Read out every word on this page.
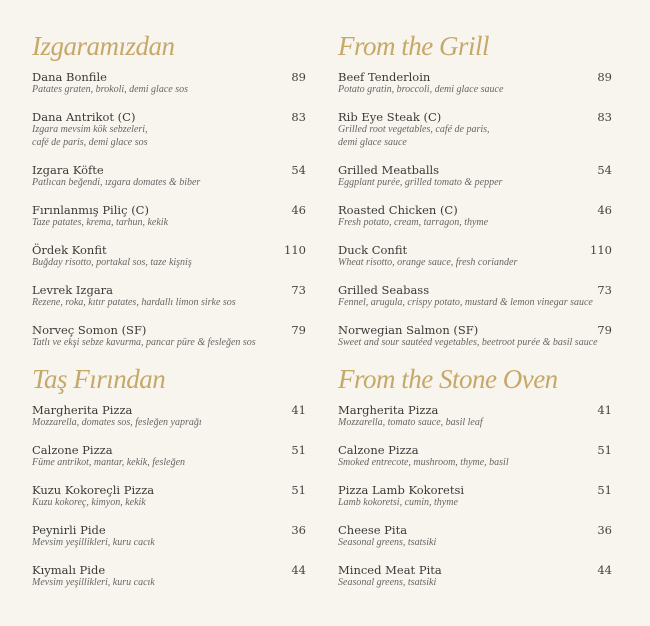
Izgaramızdan
Dana Bonfile	89
Patates graten, brokoli, demi glace sos
Dana Antrikot (C)	83
Izgara mevsim kök sebzeleri,
café de paris, demi glace sos
Izgara Köfte	54
Patlıcan beğendi, ızgara domates & biber
Fırınlanmış Piliç (C)	46
Taze patates, krema, tarhun, kekik
Ördek Konfit	110
Buğday risotto, portakal sos, taze kişniş
Levrek Izgara	73
Rezene, roka, kıtır patates, hardallı limon sirke sos
Norveç Somon (SF)	79
Tatlı ve ekşi sebze kavurma, pancar püre & fesleğen sos
Taş Fırından
Margherita Pizza	41
Mozzarella, domates sos, fesleğen yaprağı
Calzone Pizza	51
Füme antrikot, mantar, kekik, fesleğen
Kuzu Kokoreçli Pizza	51
Kuzu kokoreç, kimyon, kekik
Peynirli Pide	36
Mevsim yeşillikleri, kuru cacık
Kıymalı Pide	44
Mevsim yeşillikleri, kuru cacık
From the Grill
Beef Tenderloin	89
Potato gratin, broccoli, demi glace sauce
Rib Eye Steak (C)	83
Grilled root vegetables, café de paris,
demi glace sauce
Grilled Meatballs	54
Eggplant purée, grilled tomato & pepper
Roasted Chicken (C)	46
Fresh potato, cream, tarragon, thyme
Duck Confit	110
Wheat risotto, orange sauce, fresh coriander
Grilled Seabass	73
Fennel, arugula, crispy potato, mustard & lemon vinegar sauce
Norwegian Salmon (SF)	79
Sweet and sour sautéed vegetables, beetroot purée & basil sauce
From the Stone Oven
Margherita Pizza	41
Mozzarella, tomato sauce, basil leaf
Calzone Pizza	51
Smoked entrecote, mushroom, thyme, basil
Pizza Lamb Kokoretsi	51
Lamb kokoretsi, cumin, thyme
Cheese Pita	36
Seasonal greens, tsatsiki
Minced Meat Pita	44
Seasonal greens, tsatsiki
